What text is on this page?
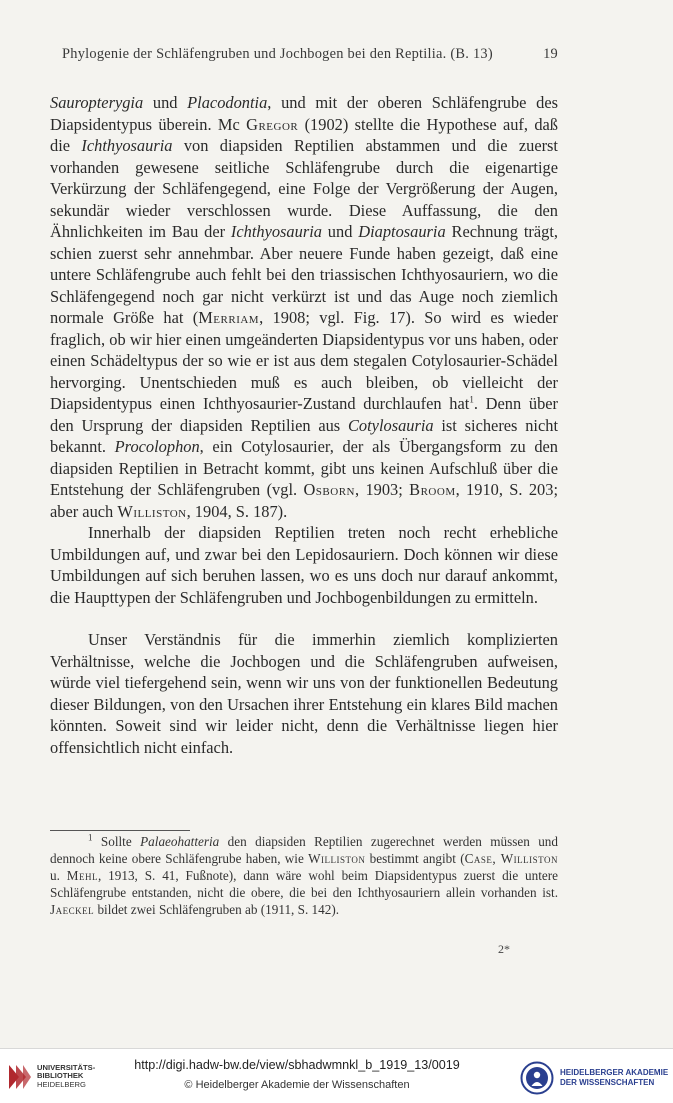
Phylogenie der Schläfengruben und Jochbogen bei den Reptilia. (B. 13)	19

Sauropterygia und Placodontia, und mit der oberen Schläfengrube des Diapsidentypus überein. Mc Gregor (1902) stellte die Hypothese auf, daß die Ichthyosauria von diapsiden Reptilien abstammen und die zuerst vorhanden gewesene seitliche Schläfengrube durch die eigenartige Verkürzung der Schläfengegend, eine Folge der Vergrößerung der Augen, sekundär wieder verschlossen wurde. Diese Auffassung, die den Ähnlichkeiten im Bau der Ichthyosauria und Diaptosauria Rechnung trägt, schien zuerst sehr annehmbar. Aber neuere Funde haben gezeigt, daß eine untere Schläfengrube auch fehlt bei den triassischen Ichthyosauriern, wo die Schläfengegend noch gar nicht verkürzt ist und das Auge noch ziemlich normale Größe hat (Merriam, 1908; vgl. Fig. 17). So wird es wieder fraglich, ob wir hier einen umgeänderten Diapsidentypus vor uns haben, oder einen Schädeltypus der so wie er ist aus dem stegalen Cotylosaurier-Schädel hervorging. Unentschieden muß es auch bleiben, ob vielleicht der Diapsidentypus einen Ichthyosaurier-Zustand durchlaufen hat$^1$. Denn über den Ursprung der diapsiden Reptilien aus Cotylosauria ist sicheres nicht bekannt. Procolophon, ein Cotylosaurier, der als Übergangsform zu den diapsiden Reptilien in Betracht kommt, gibt uns keinen Aufschluß über die Entstehung der Schläfengruben (vgl. Osborn, 1903; Broom, 1910, S. 203; aber auch Williston, 1904, S. 187).

Innerhalb der diapsiden Reptilien treten noch recht erhebliche Umbildungen auf, und zwar bei den Lepidosauriern. Doch können wir diese Umbildungen auf sich beruhen lassen, wo es uns doch nur darauf ankommt, die Haupttypen der Schläfengruben und Jochbogenbildungen zu ermitteln.

Unser Verständnis für die immerhin ziemlich komplizierten Verhältnisse, welche die Jochbogen und die Schläfengruben aufweisen, würde viel tiefergehend sein, wenn wir uns von der funktionellen Bedeutung dieser Bildungen, von den Ursachen ihrer Entstehung ein klares Bild machen könnten. Soweit sind wir leider nicht, denn die Verhältnisse liegen hier offensichtlich nicht einfach.

$^1$ Sollte Palaeohatteria den diapsiden Reptilien zugerechnet werden müssen und dennoch keine obere Schläfengrube haben, wie Williston bestimmt angibt (Case, Williston u. Mehl, 1913, S. 41, Fußnote), dann wäre wohl beim Diapsidentypus zuerst die untere Schläfengrube entstanden, nicht die obere, die bei den Ichthyosauriern allein vorhanden ist. Jaeckel bildet zwei Schläfengruben ab (1911, S. 142).

2*
UNIVERSITÄTS-
BIBLIOTHEK
HEIDELBERG
http://digi.hadw-bw.de/view/sbhadwmnkl_b_1919_13/0019
© Heidelberger Akademie der Wissenschaften
HEIDELBERGER AKADEMIE
DER WISSENSCHAFTEN
